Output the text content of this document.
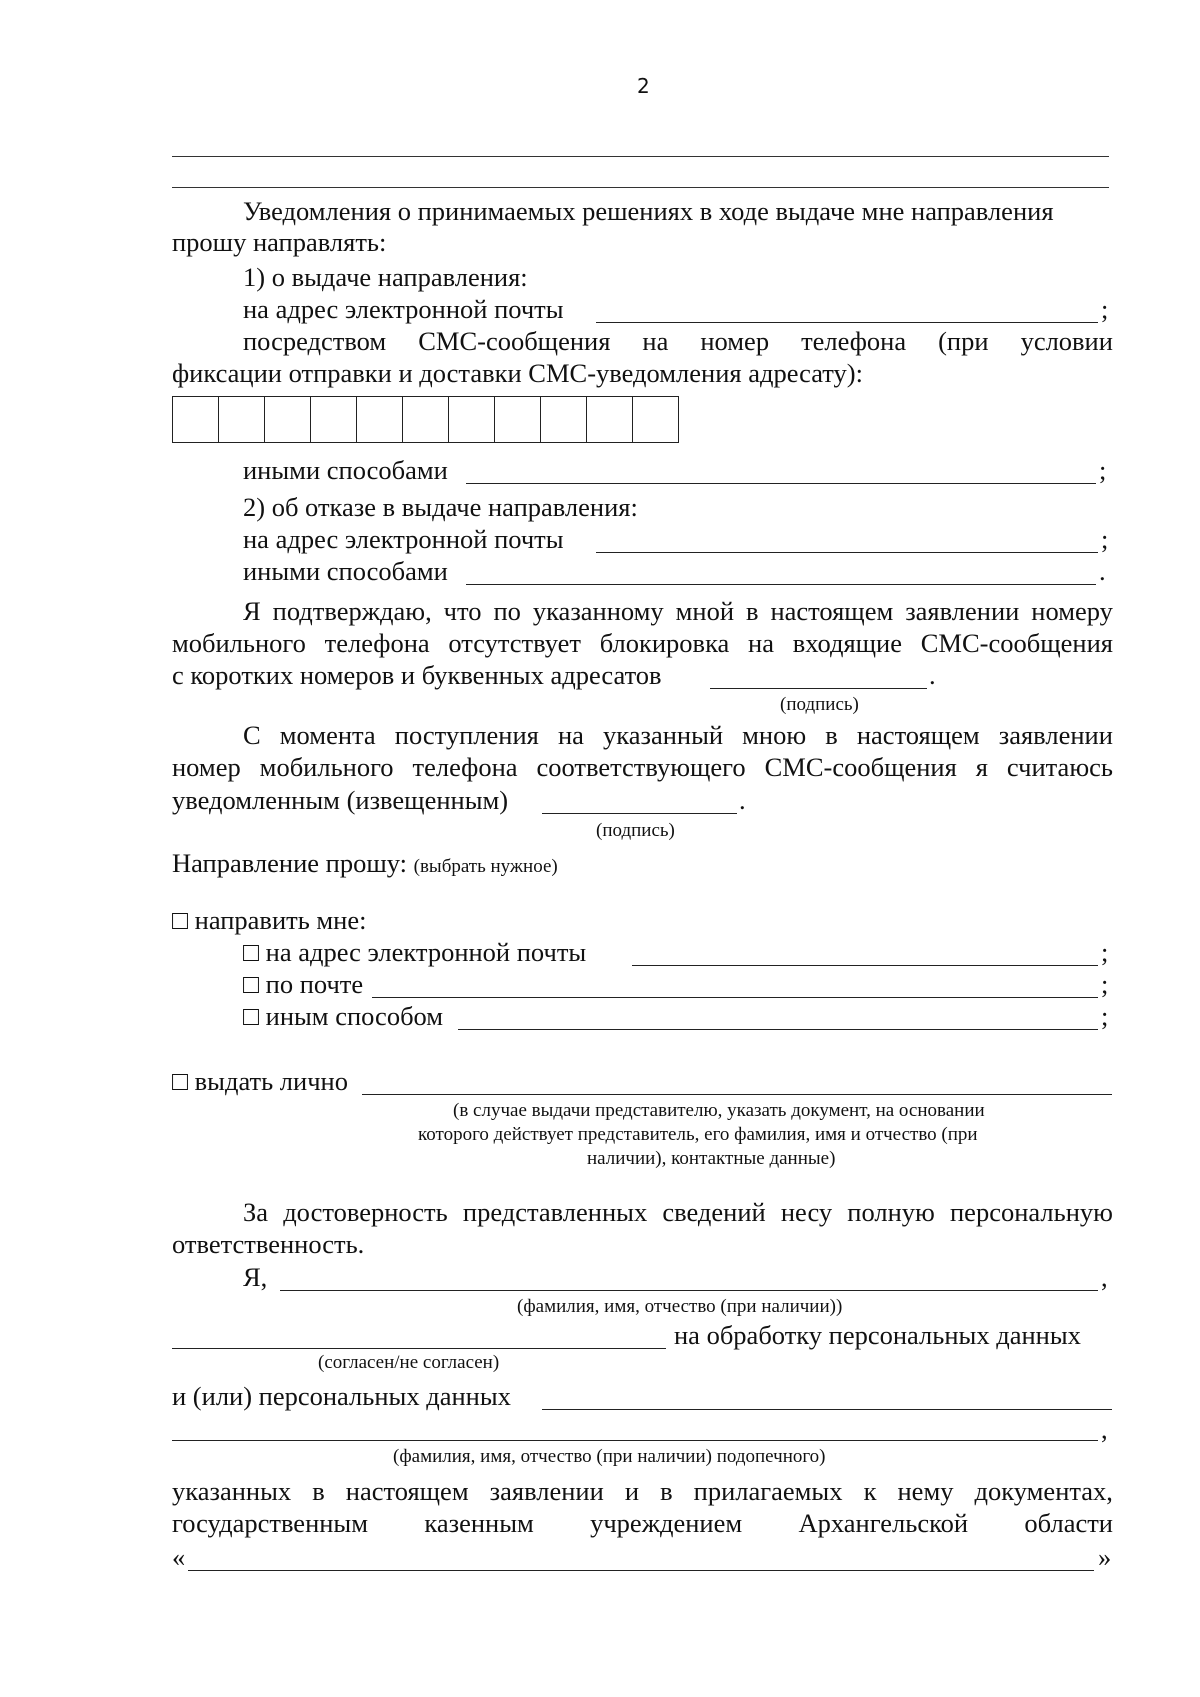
2
Уведомления о принимаемых решениях в ходе выдаче мне направления
прошу направлять:
1) о выдаче направления:
на адрес электронной почты	;
посредством СМС-сообщения на номер телефона (при условии
фиксации отправки и доставки СМС-уведомления адресату):
иными способами	;
2) об отказе в выдаче направления:
на адрес электронной почты	;
иными способами	.
Я подтверждаю, что по указанному мной в настоящем заявлении номеру
мобильного телефона отсутствует блокировка на входящие СМС-сообщения
с коротких номеров и буквенных адресатов	.
(подпись)
С момента поступления на указанный мною в настоящем заявлении
номер мобильного телефона соответствующего СМС-сообщения я считаюсь
уведомленным (извещенным)	.
(подпись)
Направление прошу: (выбрать нужное)
□ направить мне:
□ на адрес электронной почты	;
□ по почте	;
□ иным способом	;
□ выдать лично
(в случае выдачи представителю, указать документ, на основании
которого действует представитель, его фамилия, имя и отчество (при
наличии), контактные данные)
За достоверность представленных сведений несу полную персональную
ответственность.
Я,	,
(фамилия, имя, отчество (при наличии))
на обработку персональных данных
(согласен/не согласен)
и (или) персональных данных
,
(фамилия, имя, отчество (при наличии) подопечного)
указанных в настоящем заявлении и в прилагаемых к нему документах,
государственным казенным учреждением Архангельской области
«	»
